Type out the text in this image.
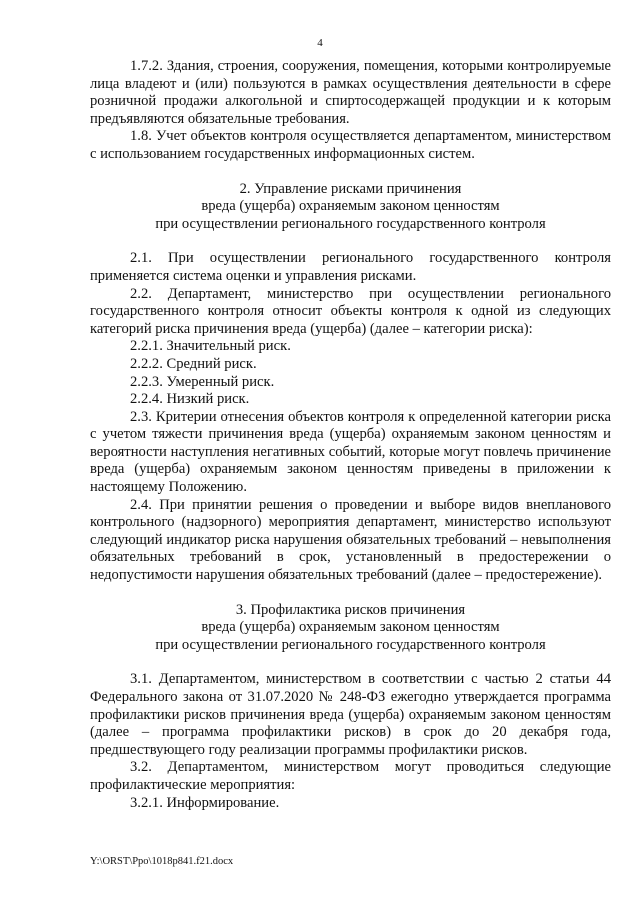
4

1.7.2. Здания, строения, сооружения, помещения, которыми контролируемые лица владеют и (или) пользуются в рамках осуществления деятельности в сфере розничной продажи алкогольной и спиртосодержащей продукции и к которым предъявляются обязательные требования.

1.8. Учет объектов контроля осуществляется департаментом, министерством с использованием государственных информационных систем.

2. Управление рисками причинения

вреда (ущерба) охраняемым законом ценностям

при осуществлении регионального государственного контроля

2.1. При осуществлении регионального государственного контроля применяется система оценки и управления рисками.

2.2. Департамент, министерство при осуществлении регионального государственного контроля относит объекты контроля к одной из следующих категорий риска причинения вреда (ущерба) (далее – категории риска):

2.2.1. Значительный риск.

2.2.2. Средний риск.

2.2.3. Умеренный риск.

2.2.4. Низкий риск.

2.3. Критерии отнесения объектов контроля к определенной категории риска с учетом тяжести причинения вреда (ущерба) охраняемым законом ценностям и вероятности наступления негативных событий, которые могут повлечь причинение вреда (ущерба) охраняемым законом ценностям приведены в приложении к настоящему Положению.

2.4. При принятии решения о проведении и выборе видов внепланового контрольного (надзорного) мероприятия департамент, министерство используют следующий индикатор риска нарушения обязательных требований – невыполнения обязательных требований в срок, установленный в предостережении о недопустимости нарушения обязательных требований (далее – предостережение).

3. Профилактика рисков причинения

вреда (ущерба) охраняемым законом ценностям

при осуществлении регионального государственного контроля

3.1. Департаментом, министерством в соответствии с частью 2 статьи 44 Федерального закона от 31.07.2020 № 248-ФЗ ежегодно утверждается программа профилактики рисков причинения вреда (ущерба) охраняемым законом ценностям (далее – программа профилактики рисков) в срок до 20 декабря года, предшествующего году реализации программы профилактики рисков.

3.2. Департаментом, министерством могут проводиться следующие профилактические мероприятия:

3.2.1. Информирование.

Y:\ORST\Ppo\1018p841.f21.docx
